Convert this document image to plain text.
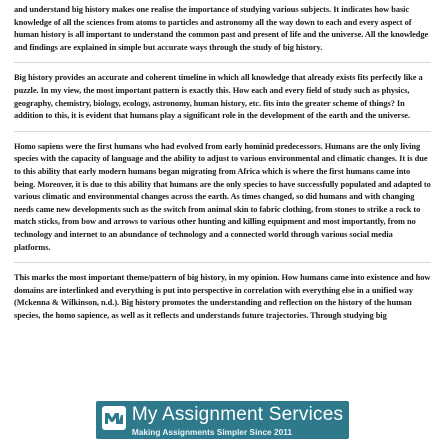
and understand big history makes one realise the importance of studying various subjects. It indicates how basic knowledge of all the sciences from atoms to particles and astronomy all the way down to each and every aspect of human history is all important to understand the common past and present of life and the universe. All the knowledge and findings are explained in simple but accurate ways through the study of big history.

Big history provides an accurate and coherent timeline in which all knowledge that already exists fits perfectly like a puzzle. In my view, the most important pattern is exactly this. How each and every field of study such as physics, geography, chemistry, biology, ecology, astronomy, human history, etc. fits into the greater scheme of things? In addition to this, it is evident that humans play a significant role in the development of the earth and the universe.

Homo sapiens were the first humans who had evolved from early hominid predecessors. Humans are the only living species with the capacity of language and the ability to adjust to various environmental and climatic changes. It is due to this ability that early modern humans began migrating from Africa which is where the first humans came into being. Moreover, it is due to this ability that humans are the only species to have successfully populated and adapted to various climatic and environmental changes across the earth. As times changed, so did humans and with changing needs came new developments such as the switch from animal skin to fabric clothing, from stones to strike a rock to match sticks, from bow and arrows to various other hunting and killing equipment and most importantly, from no technology and internet to an abundance of technology and a connected world through various social media platforms.

This marks the most important theme/pattern of big history, in my opinion. How humans came into existence and how domains are interlinked and everything is put into perspective in correlation with everything else in a unified way (Mckenna & Wilkinson, n.d.). Big history promotes the understanding and reflection on the history of the human species, the homo sapience, as well as it reflects and understands future trajectories. Through studying big

My Assignment Services
Making Assignments Simpler Since 2011
